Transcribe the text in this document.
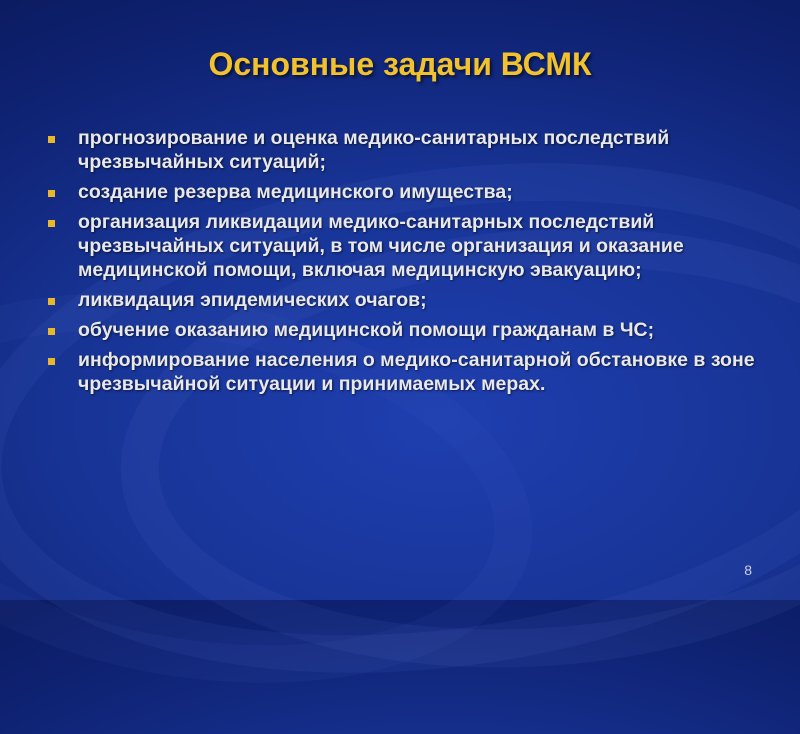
Основные задачи ВСМК
прогнозирование и оценка медико-санитарных последствий чрезвычайных ситуаций;
создание резерва медицинского имущества;
организация ликвидации медико-санитарных последствий чрезвычайных ситуаций, в том числе организация и оказание медицинской помощи, включая медицинскую эвакуацию;
ликвидация эпидемических очагов;
обучение оказанию медицинской помощи гражданам в ЧС;
информирование населения о медико-санитарной обстановке в зоне чрезвычайной ситуации и принимаемых мерах.
8
